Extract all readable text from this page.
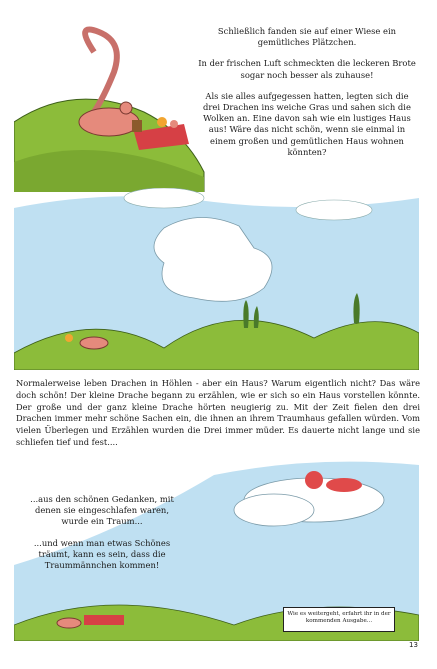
Schließlich fanden sie auf einer Wiese ein gemütliches Plätzchen.

In der frischen Luft schmeckten die leckeren Brote sogar noch besser als zuhause!

Als sie alles aufgegessen hatten, legten sich die drei Drachen ins weiche Gras und sahen sich die Wolken an. Eine davon sah wie ein lustiges Haus aus! Wäre das nicht schön, wenn sie einmal in einem großen und gemütlichen Haus wohnen könnten?

Normalerweise leben Drachen in Höhlen - aber ein Haus? Warum eigentlich nicht? Das wäre doch schön! Der kleine Drache begann zu erzählen, wie er sich so ein Haus vorstellen könnte. Der große und der ganz kleine Drache hörten neugierig zu. Mit der Zeit fielen den drei Drachen immer mehr schöne Sachen ein, die ihnen an ihrem Traumhaus gefallen würden. Vom vielen Überlegen und Erzählen wurden die Drei immer müder. Es dauerte nicht lange und sie schliefen tief und fest....

...aus den schönen Gedanken, mit denen sie eingeschlafen waren, wurde ein Traum...

...und wenn man etwas Schönes träumt, kann es sein, dass die Traummännchen kommen!

Wie es weitergeht, erfahrt ihr in der kommenden Ausgabe...
13
